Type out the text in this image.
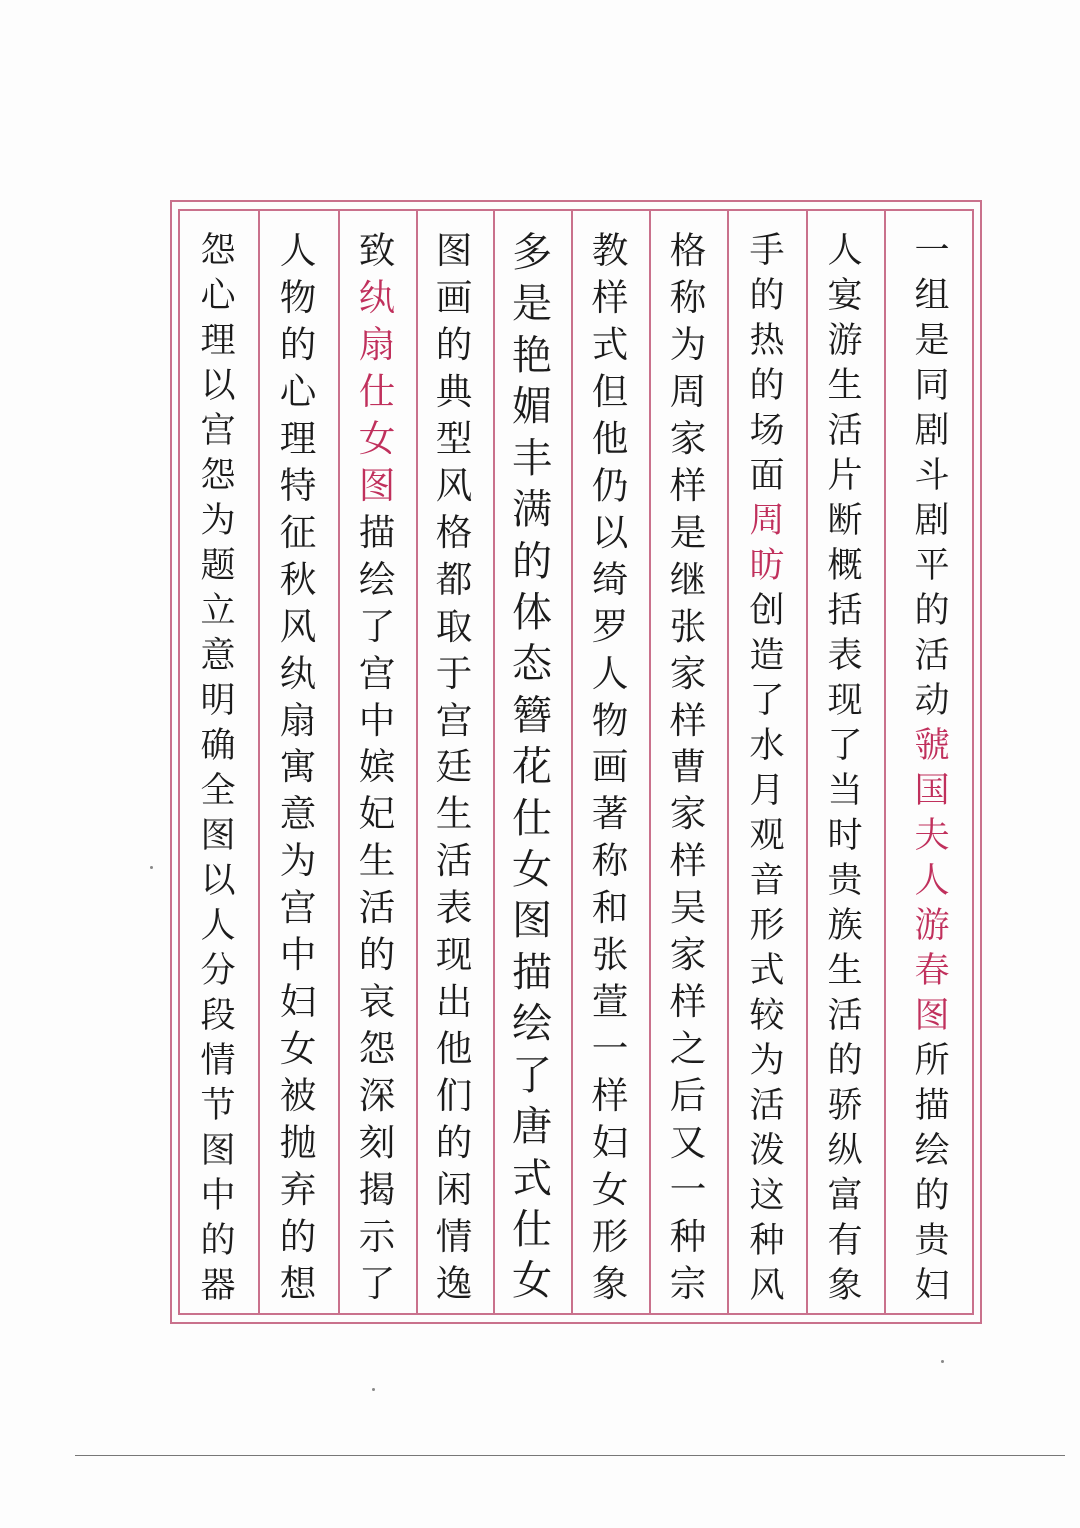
一
组
是
同
剧
斗
剧
平
的
活
动
虢
国
夫
人
游
春
图
所
描
绘
的
贵
妇
人
宴
游
生
活
片
断
概
括
表
现
了
当
时
贵
族
生
活
的
骄
纵
富
有
象
手
的
热
的
场
面
周
昉
创
造
了
水
月
观
音
形
式
较
为
活
泼
这
种
风
格
称
为
周
家
样
是
继
张
家
样
曹
家
样
吴
家
样
之
后
又
一
种
宗
教
样
式
但
他
仍
以
绮
罗
人
物
画
著
称
和
张
萱
一
样
妇
女
形
象
多
是
艳
媚
丰
满
的
体
态
簪
花
仕
女
图
描
绘
了
唐
式
仕
女
图
画
的
典
型
风
格
都
取
于
宫
廷
生
活
表
现
出
他
们
的
闲
情
逸
致
纨
扇
仕
女
图
描
绘
了
宫
中
嫔
妃
生
活
的
哀
怨
深
刻
揭
示
了
人
物
的
心
理
特
征
秋
风
纨
扇
寓
意
为
宫
中
妇
女
被
抛
弃
的
想
怨
心
理
以
宫
怨
为
题
立
意
明
确
全
图
以
人
分
段
情
节
图
中
的
器
